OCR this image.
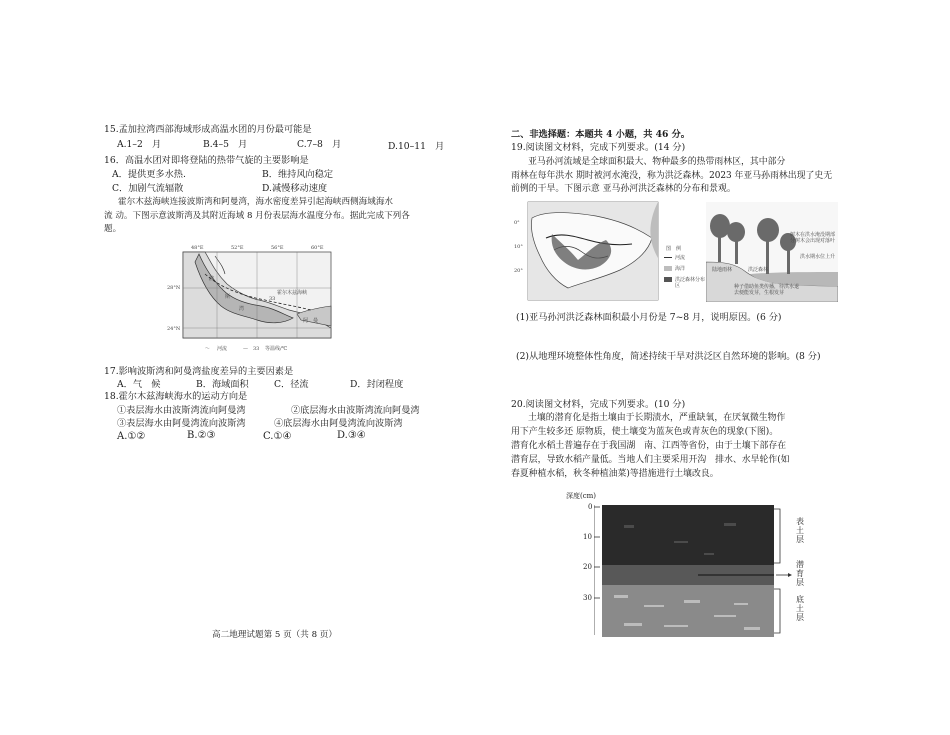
15.孟加拉湾西部海域形成高温水团的月份最可能是
A.1–2　月	B.4–5　月	C.7–8　月	D.10–11　月
16．高温水团对即将登陆的热带气旋的主要影响是
A．提供更多水热.	B．维持风向稳定
C．加剧气流辐散	D.减慢移动速度
霍尔木兹海峡连接波斯湾和阿曼湾，海水密度差异引起海峡西侧海域海水
流 动。下图示意波斯湾及其附近海域 8 月份表层海水温度分布。据此完成下列各
题。
48°E	52°E	56°E	60°E
28°N
24°N
波
斯
湾
阿 曼
霍尔木兹海峡
33
〜 河流	— 33 等温线/℃
17.影响波斯湾和阿曼湾盐度差异的主要因素是
A．气　候	B．海域面积	C．径流	D．封闭程度
18.霍尔木兹海峡海水的运动方向是
①表层海水由波斯湾流向阿曼湾	②底层海水由波斯湾流向阿曼湾
③表层海水由阿曼湾流向波斯湾	④底层海水由阿曼湾流向波斯湾
A.①②	B.②③	C.①④	D.③④
高二地理试题第 5 页（共 8 页）
二、非选择题：本题共 4 小题，共 46 分。
19.阅读图文材料，完成下列要求。(14 分)
亚马孙河流域是全球面积最大、物种最多的热带雨林区，其中部分
雨林在每年洪水 期时被河水淹没，称为洪泛森林。2023 年亚马孙雨林出现了史无
前例的干旱。下图示意 亚马孙河洪泛森林的分布和景观。
0°
10°
20°
图　例
河流
海洋
洪泛森林分布区
陆地雨林	洪泛森林
树木在洪水淹没期部分树木会出现对落叶
洪水期水位上升
种子借助鱼类传播，待洪水退去便能发芽，生根发芽
(1)亚马孙河洪泛森林面积最小月份是 7~8 月，说明原因。(6 分)
(2)从地理环境整体性角度，简述持续干旱对洪泛区自然环境的影响。(8 分)
20.阅读图文材料，完成下列要求。(10 分)
土壤的潜育化是指土壤由于长期渍水，严重缺氧，在厌氧微生物作
用下产生较多还 原物质，使土壤变为蓝灰色或青灰色的现象(下图)。
潜育化水稻土普遍存在于我国湖　南、江西等省份，由于土壤下部存在
潜育层，导致水稻产量低。当地人们主要采用开沟　排水、水旱轮作(如
春夏种植水稻，秋冬种植油菜)等措施进行土壤改良。
深度(cm)
0
10
20
30
表土层
潜育层
底土层
